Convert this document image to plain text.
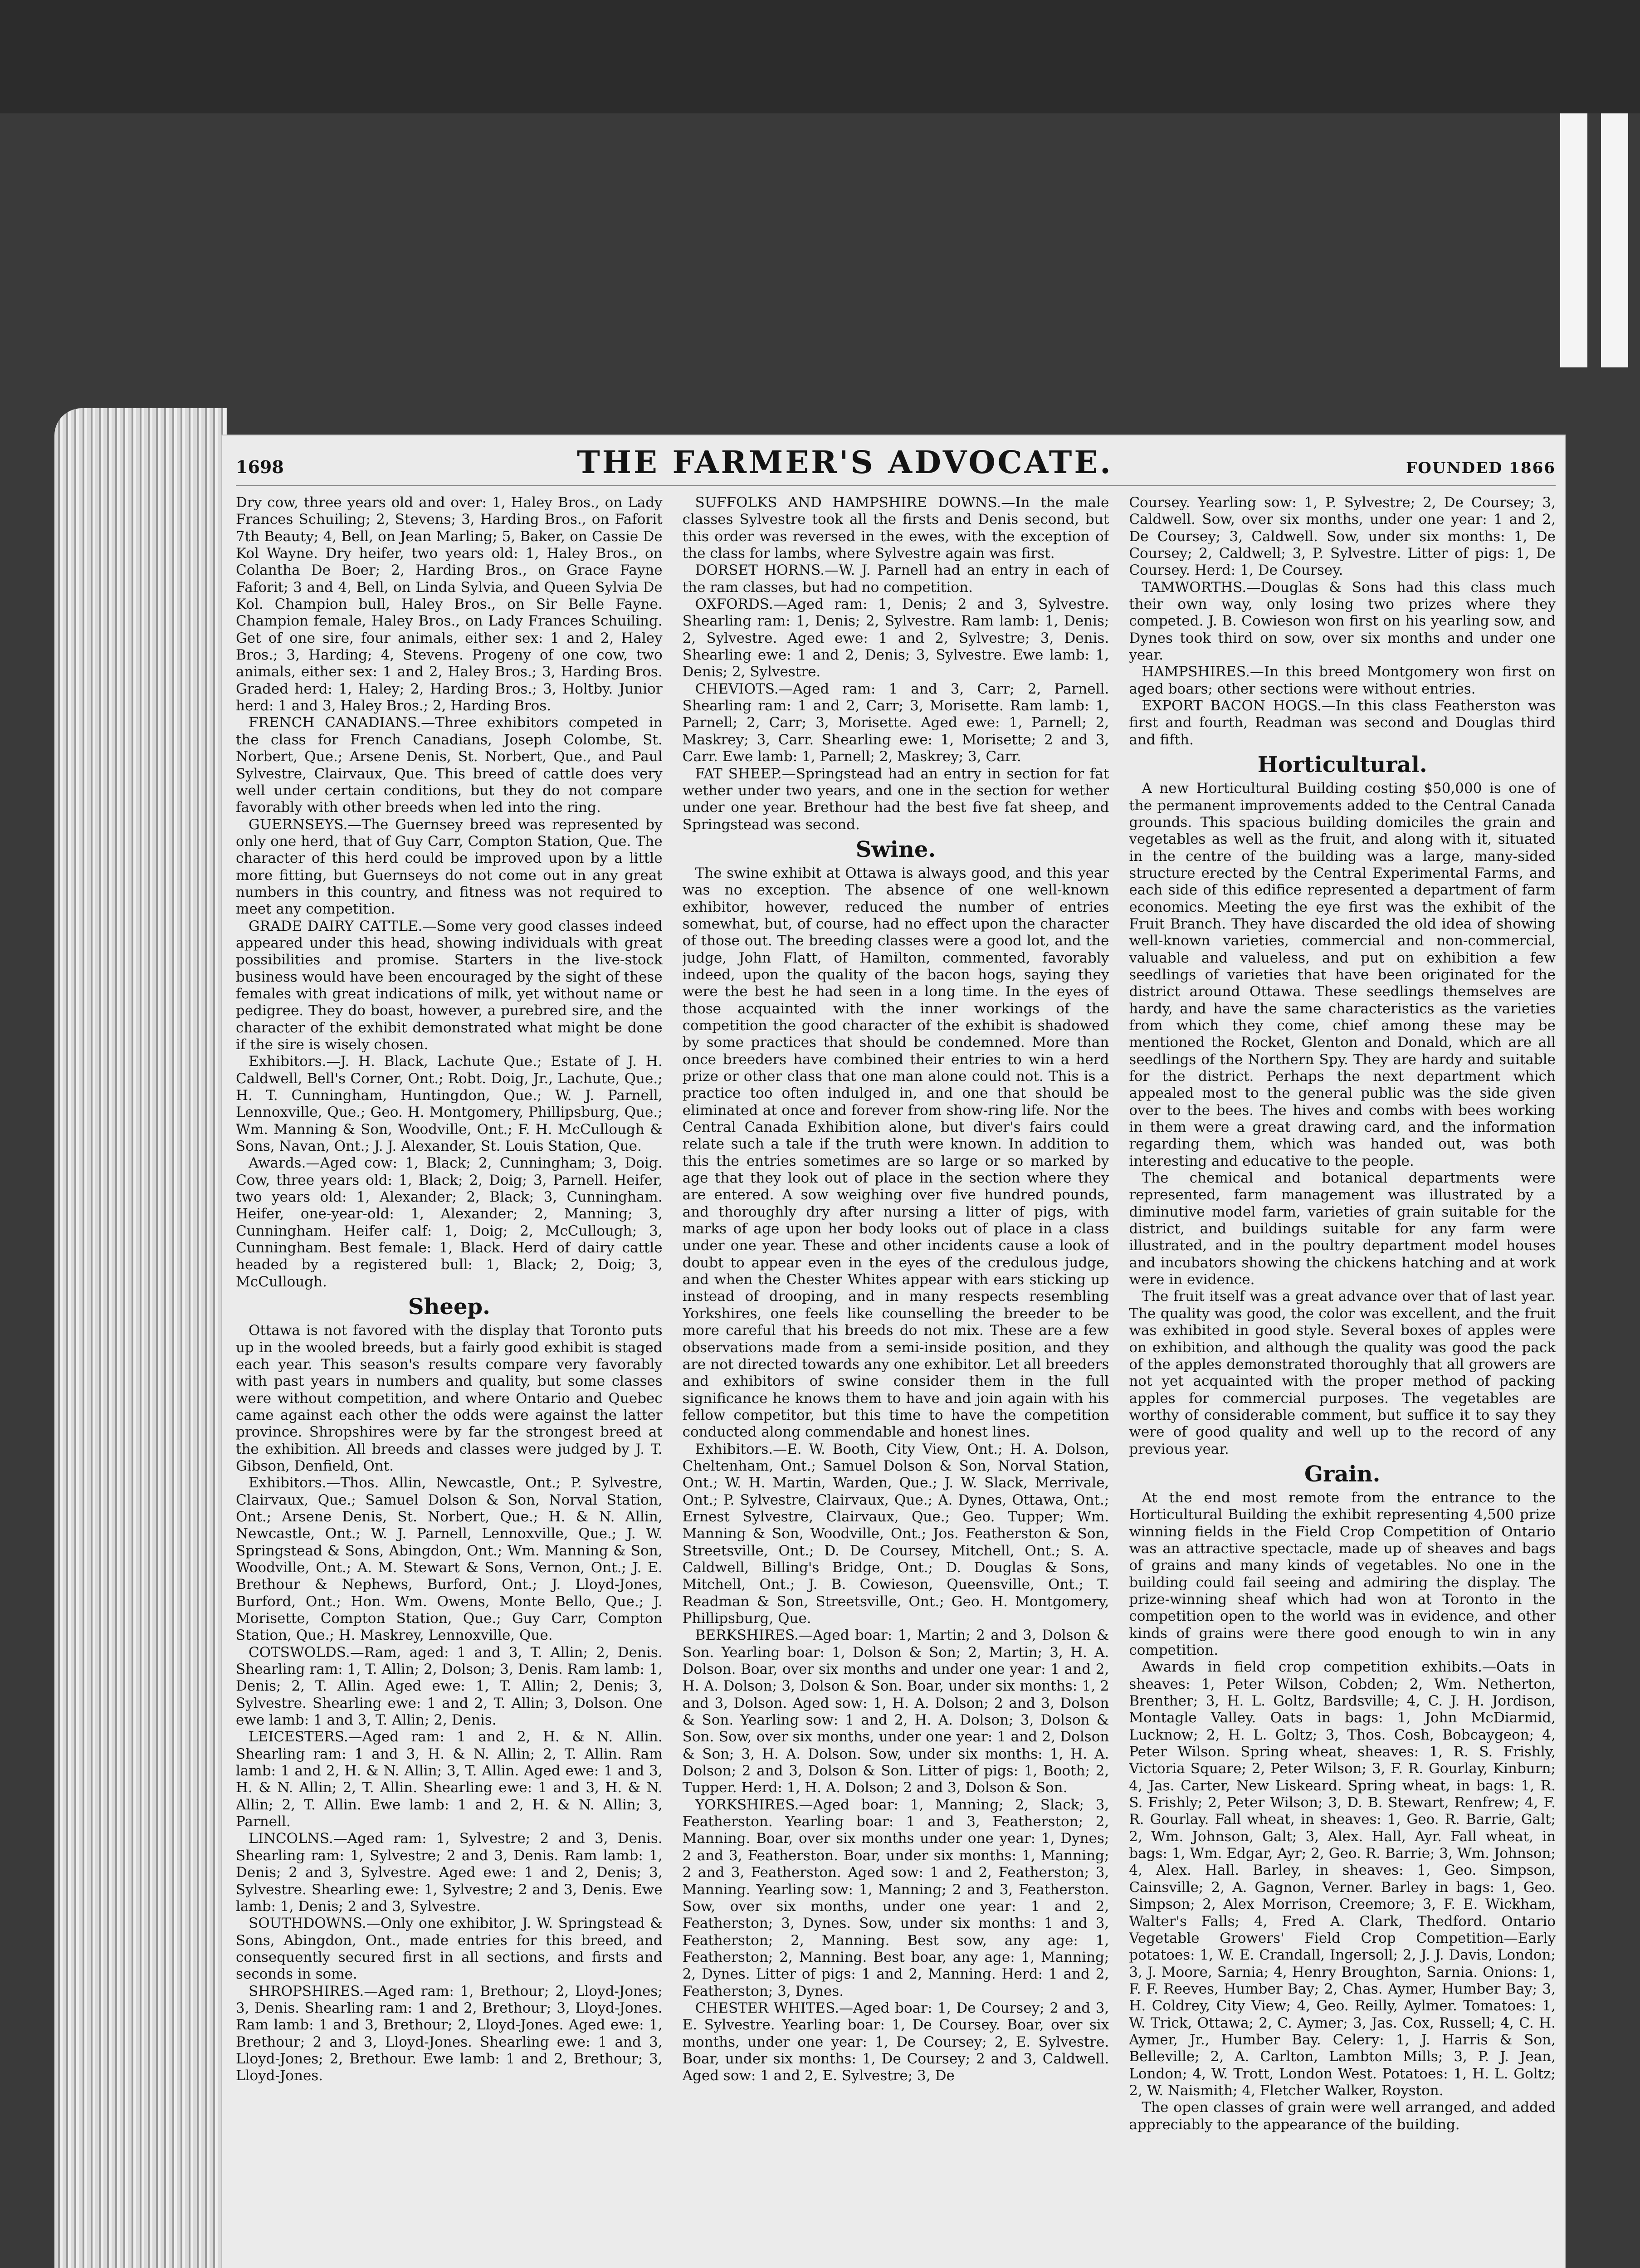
1698	THE FARMER'S ADVOCATE.	FOUNDED 1866

Dry cow, three years old and over: 1, Haley Bros., on Lady Frances Schuiling; 2, Stevens; 3, Harding Bros., on Faforit 7th Beauty; 4, Bell, on Jean Marling; 5, Baker, on Cassie De Kol Wayne. Dry heifer, two years old: 1, Haley Bros., on Colantha De Boer; 2, Harding Bros., on Grace Fayne Faforit; 3 and 4, Bell, on Linda Sylvia, and Queen Sylvia De Kol. Champion bull, Haley Bros., on Sir Belle Fayne. Champion female, Haley Bros., on Lady Frances Schuiling. Get of one sire, four animals, either sex: 1 and 2, Haley Bros.; 3, Harding; 4, Stevens. Progeny of one cow, two animals, either sex: 1 and 2, Haley Bros.; 3, Harding Bros. Graded herd: 1, Haley; 2, Harding Bros.; 3, Holtby. Junior herd: 1 and 3, Haley Bros.; 2, Harding Bros.

FRENCH CANADIANS.—Three exhibitors competed in the class for French Canadians, Joseph Colombe, St. Norbert, Que.; Arsene Denis, St. Norbert, Que., and Paul Sylvestre, Clairvaux, Que. This breed of cattle does very well under certain conditions, but they do not compare favorably with other breeds when led into the ring.

GUERNSEYS.—The Guernsey breed was represented by only one herd, that of Guy Carr, Compton Station, Que. The character of this herd could be improved upon by a little more fitting, but Guernseys do not come out in any great numbers in this country, and fitness was not required to meet any competition.

GRADE DAIRY CATTLE.—Some very good classes indeed appeared under this head, showing individuals with great possibilities and promise. Starters in the live-stock business would have been encouraged by the sight of these females with great indications of milk, yet without name or pedigree. They do boast, however, a purebred sire, and the character of the exhibit demonstrated what might be done if the sire is wisely chosen.

Exhibitors.—J. H. Black, Lachute Que.; Estate of J. H. Caldwell, Bell's Corner, Ont.; Robt. Doig, Jr., Lachute, Que.; H. T. Cunningham, Huntingdon, Que.; W. J. Parnell, Lennoxville, Que.; Geo. H. Montgomery, Phillipsburg, Que.; Wm. Manning & Son, Woodville, Ont.; F. H. McCullough & Sons, Navan, Ont.; J. J. Alexander, St. Louis Station, Que.

Awards.—Aged cow: 1, Black; 2, Cunningham; 3, Doig. Cow, three years old: 1, Black; 2, Doig; 3, Parnell. Heifer, two years old: 1, Alexander; 2, Black; 3, Cunningham. Heifer, one-year-old: 1, Alexander; 2, Manning; 3, Cunningham. Heifer calf: 1, Doig; 2, McCullough; 3, Cunningham. Best female: 1, Black. Herd of dairy cattle headed by a registered bull: 1, Black; 2, Doig; 3, McCullough.

Sheep.

Ottawa is not favored with the display that Toronto puts up in the wooled breeds, but a fairly good exhibit is staged each year. This season's results compare very favorably with past years in numbers and quality, but some classes were without competition, and where Ontario and Quebec came against each other the odds were against the latter province. Shropshires were by far the strongest breed at the exhibition. All breeds and classes were judged by J. T. Gibson, Denfield, Ont.

Exhibitors.—Thos. Allin, Newcastle, Ont.; P. Sylvestre, Clairvaux, Que.; Samuel Dolson & Son, Norval Station, Ont.; Arsene Denis, St. Norbert, Que.; H. & N. Allin, Newcastle, Ont.; W. J. Parnell, Lennoxville, Que.; J. W. Springstead & Sons, Abingdon, Ont.; Wm. Manning & Son, Woodville, Ont.; A. M. Stewart & Sons, Vernon, Ont.; J. E. Brethour & Nephews, Burford, Ont.; J. Lloyd-Jones, Burford, Ont.; Hon. Wm. Owens, Monte Bello, Que.; J. Morisette, Compton Station, Que.; Guy Carr, Compton Station, Que.; H. Maskrey, Lennoxville, Que.

COTSWOLDS.—Ram, aged: 1 and 3, T. Allin; 2, Denis. Shearling ram: 1, T. Allin; 2, Dolson; 3, Denis. Ram lamb: 1, Denis; 2, T. Allin. Aged ewe: 1, T. Allin; 2, Denis; 3, Sylvestre. Shearling ewe: 1 and 2, T. Allin; 3, Dolson. One ewe lamb: 1 and 3, T. Allin; 2, Denis.

LEICESTERS.—Aged ram: 1 and 2, H. & N. Allin. Shearling ram: 1 and 3, H. & N. Allin; 2, T. Allin. Ram lamb: 1 and 2, H. & N. Allin; 3, T. Allin. Aged ewe: 1 and 3, H. & N. Allin; 2, T. Allin. Shearling ewe: 1 and 3, H. & N. Allin; 2, T. Allin. Ewe lamb: 1 and 2, H. & N. Allin; 3, Parnell.

LINCOLNS.—Aged ram: 1, Sylvestre; 2 and 3, Denis. Shearling ram: 1, Sylvestre; 2 and 3, Denis. Ram lamb: 1, Denis; 2 and 3, Sylvestre. Aged ewe: 1 and 2, Denis; 3, Sylvestre. Shearling ewe: 1, Sylvestre; 2 and 3, Denis. Ewe lamb: 1, Denis; 2 and 3, Sylvestre.

SOUTHDOWNS.—Only one exhibitor, J. W. Springstead & Sons, Abingdon, Ont., made entries for this breed, and consequently secured first in all sections, and firsts and seconds in some.

SHROPSHIRES.—Aged ram: 1, Brethour; 2, Lloyd-Jones; 3, Denis. Shearling ram: 1 and 2, Brethour; 3, Lloyd-Jones. Ram lamb: 1 and 3, Brethour; 2, Lloyd-Jones. Aged ewe: 1, Brethour; 2 and 3, Lloyd-Jones. Shearling ewe: 1 and 3, Lloyd-Jones; 2, Brethour. Ewe lamb: 1 and 2, Brethour; 3, Lloyd-Jones.

SUFFOLKS AND HAMPSHIRE DOWNS.—In the male classes Sylvestre took all the firsts and Denis second, but this order was reversed in the ewes, with the exception of the class for lambs, where Sylvestre again was first.

DORSET HORNS.—W. J. Parnell had an entry in each of the ram classes, but had no competition.

OXFORDS.—Aged ram: 1, Denis; 2 and 3, Sylvestre. Shearling ram: 1, Denis; 2, Sylvestre. Ram lamb: 1, Denis; 2, Sylvestre. Aged ewe: 1 and 2, Sylvestre; 3, Denis. Shearling ewe: 1 and 2, Denis; 3, Sylvestre. Ewe lamb: 1, Denis; 2, Sylvestre.

CHEVIOTS.—Aged ram: 1 and 3, Carr; 2, Parnell. Shearling ram: 1 and 2, Carr; 3, Morisette. Ram lamb: 1, Parnell; 2, Carr; 3, Morisette. Aged ewe: 1, Parnell; 2, Maskrey; 3, Carr. Shearling ewe: 1, Morisette; 2 and 3, Carr. Ewe lamb: 1, Parnell; 2, Maskrey; 3, Carr.

FAT SHEEP.—Springstead had an entry in section for fat wether under two years, and one in the section for wether under one year. Brethour had the best five fat sheep, and Springstead was second.

Swine.

The swine exhibit at Ottawa is always good, and this year was no exception. The absence of one well-known exhibitor, however, reduced the number of entries somewhat, but, of course, had no effect upon the character of those out. The breeding classes were a good lot, and the judge, John Flatt, of Hamilton, commented, favorably indeed, upon the quality of the bacon hogs, saying they were the best he had seen in a long time. In the eyes of those acquainted with the inner workings of the competition the good character of the exhibit is shadowed by some practices that should be condemned. More than once breeders have combined their entries to win a herd prize or other class that one man alone could not. This is a practice too often indulged in, and one that should be eliminated at once and forever from show-ring life. Nor the Central Canada Exhibition alone, but diver's fairs could relate such a tale if the truth were known. In addition to this the entries sometimes are so large or so marked by age that they look out of place in the section where they are entered. A sow weighing over five hundred pounds, and thoroughly dry after nursing a litter of pigs, with marks of age upon her body looks out of place in a class under one year. These and other incidents cause a look of doubt to appear even in the eyes of the credulous judge, and when the Chester Whites appear with ears sticking up instead of drooping, and in many respects resembling Yorkshires, one feels like counselling the breeder to be more careful that his breeds do not mix. These are a few observations made from a semi-inside position, and they are not directed towards any one exhibitor. Let all breeders and exhibitors of swine consider them in the full significance he knows them to have and join again with his fellow competitor, but this time to have the competition conducted along commendable and honest lines.

Exhibitors.—E. W. Booth, City View, Ont.; H. A. Dolson, Cheltenham, Ont.; Samuel Dolson & Son, Norval Station, Ont.; W. H. Martin, Warden, Que.; J. W. Slack, Merrivale, Ont.; P. Sylvestre, Clairvaux, Que.; A. Dynes, Ottawa, Ont.; Ernest Sylvestre, Clairvaux, Que.; Geo. Tupper; Wm. Manning & Son, Woodville, Ont.; Jos. Featherston & Son, Streetsville, Ont.; D. De Coursey, Mitchell, Ont.; S. A. Caldwell, Billing's Bridge, Ont.; D. Douglas & Sons, Mitchell, Ont.; J. B. Cowieson, Queensville, Ont.; T. Readman & Son, Streetsville, Ont.; Geo. H. Montgomery, Phillipsburg, Que.

BERKSHIRES.—Aged boar: 1, Martin; 2 and 3, Dolson & Son. Yearling boar: 1, Dolson & Son; 2, Martin; 3, H. A. Dolson. Boar, over six months and under one year: 1 and 2, H. A. Dolson; 3, Dolson & Son. Boar, under six months: 1, 2 and 3, Dolson. Aged sow: 1, H. A. Dolson; 2 and 3, Dolson & Son. Yearling sow: 1 and 2, H. A. Dolson; 3, Dolson & Son. Sow, over six months, under one year: 1 and 2, Dolson & Son; 3, H. A. Dolson. Sow, under six months: 1, H. A. Dolson; 2 and 3, Dolson & Son. Litter of pigs: 1, Booth; 2, Tupper. Herd: 1, H. A. Dolson; 2 and 3, Dolson & Son.

YORKSHIRES.—Aged boar: 1, Manning; 2, Slack; 3, Featherston. Yearling boar: 1 and 3, Featherston; 2, Manning. Boar, over six months under one year: 1, Dynes; 2 and 3, Featherston. Boar, under six months: 1, Manning; 2 and 3, Featherston. Aged sow: 1 and 2, Featherston; 3, Manning. Yearling sow: 1, Manning; 2 and 3, Featherston. Sow, over six months, under one year: 1 and 2, Featherston; 3, Dynes. Sow, under six months: 1 and 3, Featherston; 2, Manning. Best sow, any age: 1, Featherston; 2, Manning. Best boar, any age: 1, Manning; 2, Dynes. Litter of pigs: 1 and 2, Manning. Herd: 1 and 2, Featherston; 3, Dynes.

CHESTER WHITES.—Aged boar: 1, De Coursey; 2 and 3, E. Sylvestre. Yearling boar: 1, De Coursey. Boar, over six months, under one year: 1, De Coursey; 2, E. Sylvestre. Boar, under six months: 1, De Coursey; 2 and 3, Caldwell. Aged sow: 1 and 2, E. Sylvestre; 3, De

Coursey. Yearling sow: 1, P. Sylvestre; 2, De Coursey; 3, Caldwell. Sow, over six months, under one year: 1 and 2, De Coursey; 3, Caldwell. Sow, under six months: 1, De Coursey; 2, Caldwell; 3, P. Sylvestre. Litter of pigs: 1, De Coursey. Herd: 1, De Coursey.

TAMWORTHS.—Douglas & Sons had this class much their own way, only losing two prizes where they competed. J. B. Cowieson won first on his yearling sow, and Dynes took third on sow, over six months and under one year.

HAMPSHIRES.—In this breed Montgomery won first on aged boars; other sections were without entries.

EXPORT BACON HOGS.—In this class Featherston was first and fourth, Readman was second and Douglas third and fifth.

Horticultural.

A new Horticultural Building costing $50,000 is one of the permanent improvements added to the Central Canada grounds. This spacious building domiciles the grain and vegetables as well as the fruit, and along with it, situated in the centre of the building was a large, many-sided structure erected by the Central Experimental Farms, and each side of this edifice represented a department of farm economics. Meeting the eye first was the exhibit of the Fruit Branch. They have discarded the old idea of showing well-known varieties, commercial and non-commercial, valuable and valueless, and put on exhibition a few seedlings of varieties that have been originated for the district around Ottawa. These seedlings themselves are hardy, and have the same characteristics as the varieties from which they come, chief among these may be mentioned the Rocket, Glenton and Donald, which are all seedlings of the Northern Spy. They are hardy and suitable for the district. Perhaps the next department which appealed most to the general public was the side given over to the bees. The hives and combs with bees working in them were a great drawing card, and the information regarding them, which was handed out, was both interesting and educative to the people.

The chemical and botanical departments were represented, farm management was illustrated by a diminutive model farm, varieties of grain suitable for the district, and buildings suitable for any farm were illustrated, and in the poultry department model houses and incubators showing the chickens hatching and at work were in evidence.

The fruit itself was a great advance over that of last year. The quality was good, the color was excellent, and the fruit was exhibited in good style. Several boxes of apples were on exhibition, and although the quality was good the pack of the apples demonstrated thoroughly that all growers are not yet acquainted with the proper method of packing apples for commercial purposes. The vegetables are worthy of considerable comment, but suffice it to say they were of good quality and well up to the record of any previous year.

Grain.

At the end most remote from the entrance to the Horticultural Building the exhibit representing 4,500 prize winning fields in the Field Crop Competition of Ontario was an attractive spectacle, made up of sheaves and bags of grains and many kinds of vegetables. No one in the building could fail seeing and admiring the display. The prize-winning sheaf which had won at Toronto in the competition open to the world was in evidence, and other kinds of grains were there good enough to win in any competition.

Awards in field crop competition exhibits.—Oats in sheaves: 1, Peter Wilson, Cobden; 2, Wm. Netherton, Brenther; 3, H. L. Goltz, Bardsville; 4, C. J. H. Jordison, Montagle Valley. Oats in bags: 1, John McDiarmid, Lucknow; 2, H. L. Goltz; 3, Thos. Cosh, Bobcaygeon; 4, Peter Wilson. Spring wheat, sheaves: 1, R. S. Frishly, Victoria Square; 2, Peter Wilson; 3, F. R. Gourlay, Kinburn; 4, Jas. Carter, New Liskeard. Spring wheat, in bags: 1, R. S. Frishly; 2, Peter Wilson; 3, D. B. Stewart, Renfrew; 4, F. R. Gourlay. Fall wheat, in sheaves: 1, Geo. R. Barrie, Galt; 2, Wm. Johnson, Galt; 3, Alex. Hall, Ayr. Fall wheat, in bags: 1, Wm. Edgar, Ayr; 2, Geo. R. Barrie; 3, Wm. Johnson; 4, Alex. Hall. Barley, in sheaves: 1, Geo. Simpson, Cainsville; 2, A. Gagnon, Verner. Barley in bags: 1, Geo. Simpson; 2, Alex Morrison, Creemore; 3, F. E. Wickham, Walter's Falls; 4, Fred A. Clark, Thedford. Ontario Vegetable Growers' Field Crop Competition—Early potatoes: 1, W. E. Crandall, Ingersoll; 2, J. J. Davis, London; 3, J. Moore, Sarnia; 4, Henry Broughton, Sarnia. Onions: 1, F. F. Reeves, Humber Bay; 2, Chas. Aymer, Humber Bay; 3, H. Coldrey, City View; 4, Geo. Reilly, Aylmer. Tomatoes: 1, W. Trick, Ottawa; 2, C. Aymer; 3, Jas. Cox, Russell; 4, C. H. Aymer, Jr., Humber Bay. Celery: 1, J. Harris & Son, Belleville; 2, A. Carlton, Lambton Mills; 3, P. J. Jean, London; 4, W. Trott, London West. Potatoes: 1, H. L. Goltz; 2, W. Naismith; 4, Fletcher Walker, Royston.

The open classes of grain were well arranged, and added appreciably to the appearance of the building.
